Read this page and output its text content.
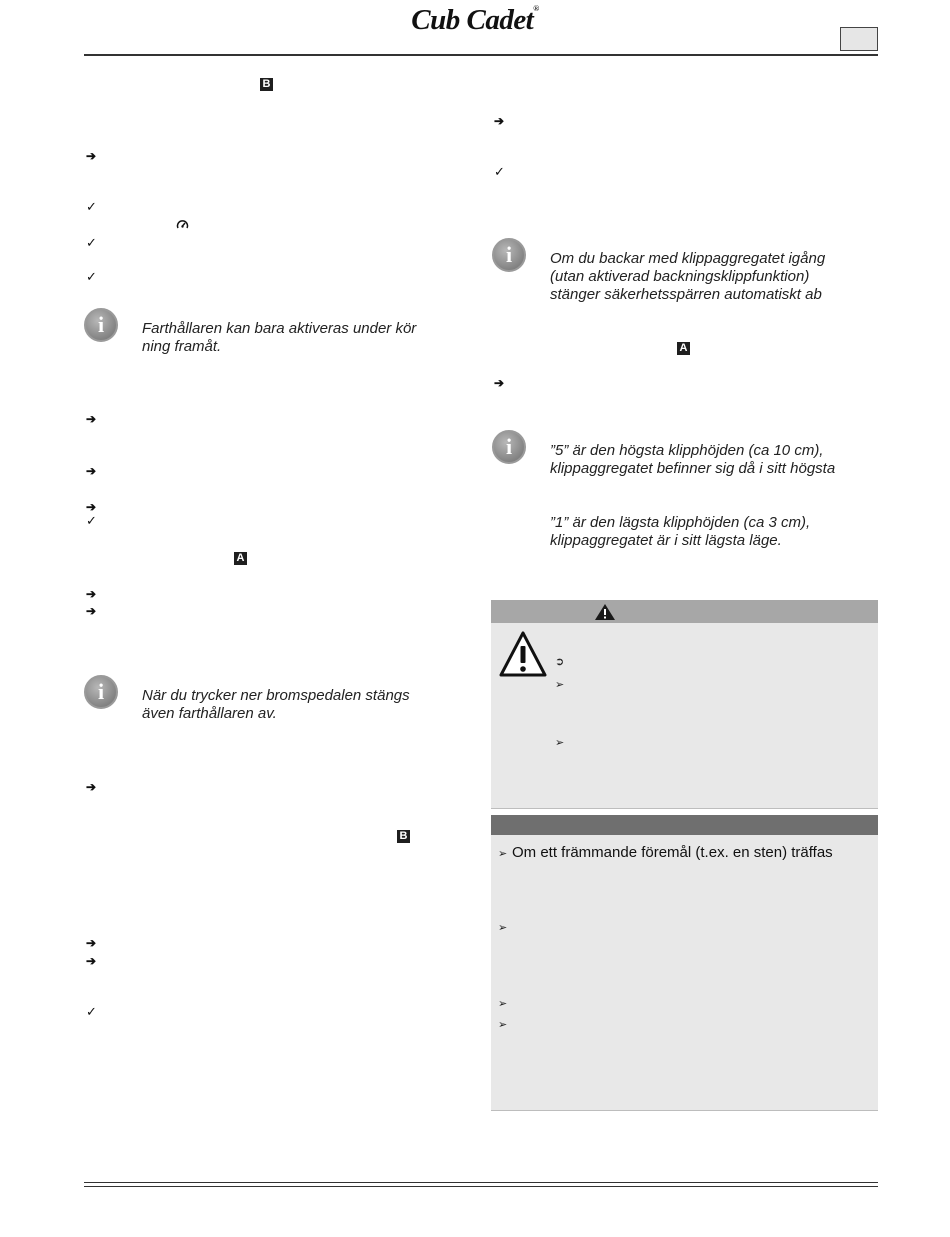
Cub Cadet®
B
➔
✓
✓
✓
i	Farthållaren kan bara aktiveras under kör
ning framåt.
➔
➔
➔
✓
A
➔
➔
i	När du trycker ner bromspedalen stängs
även farthållaren av.
➔
B
➔
➔
✓
➔
✓
i	Om du backar med klippaggregatet igång
(utan aktiverad backningsklippfunktion)
stänger säkerhetsspärren automatiskt ab
A
➔
i	”5” är den högsta klipphöjden (ca 10 cm),
klippaggregatet befinner sig då i sitt högsta
”1” är den lägsta klipphöjden (ca 3 cm),
klippaggregatet är i sitt lägsta läge.
➲
➢
➢
➢ Om ett främmande föremål (t.ex. en sten) träffas
➢
➢
➢
